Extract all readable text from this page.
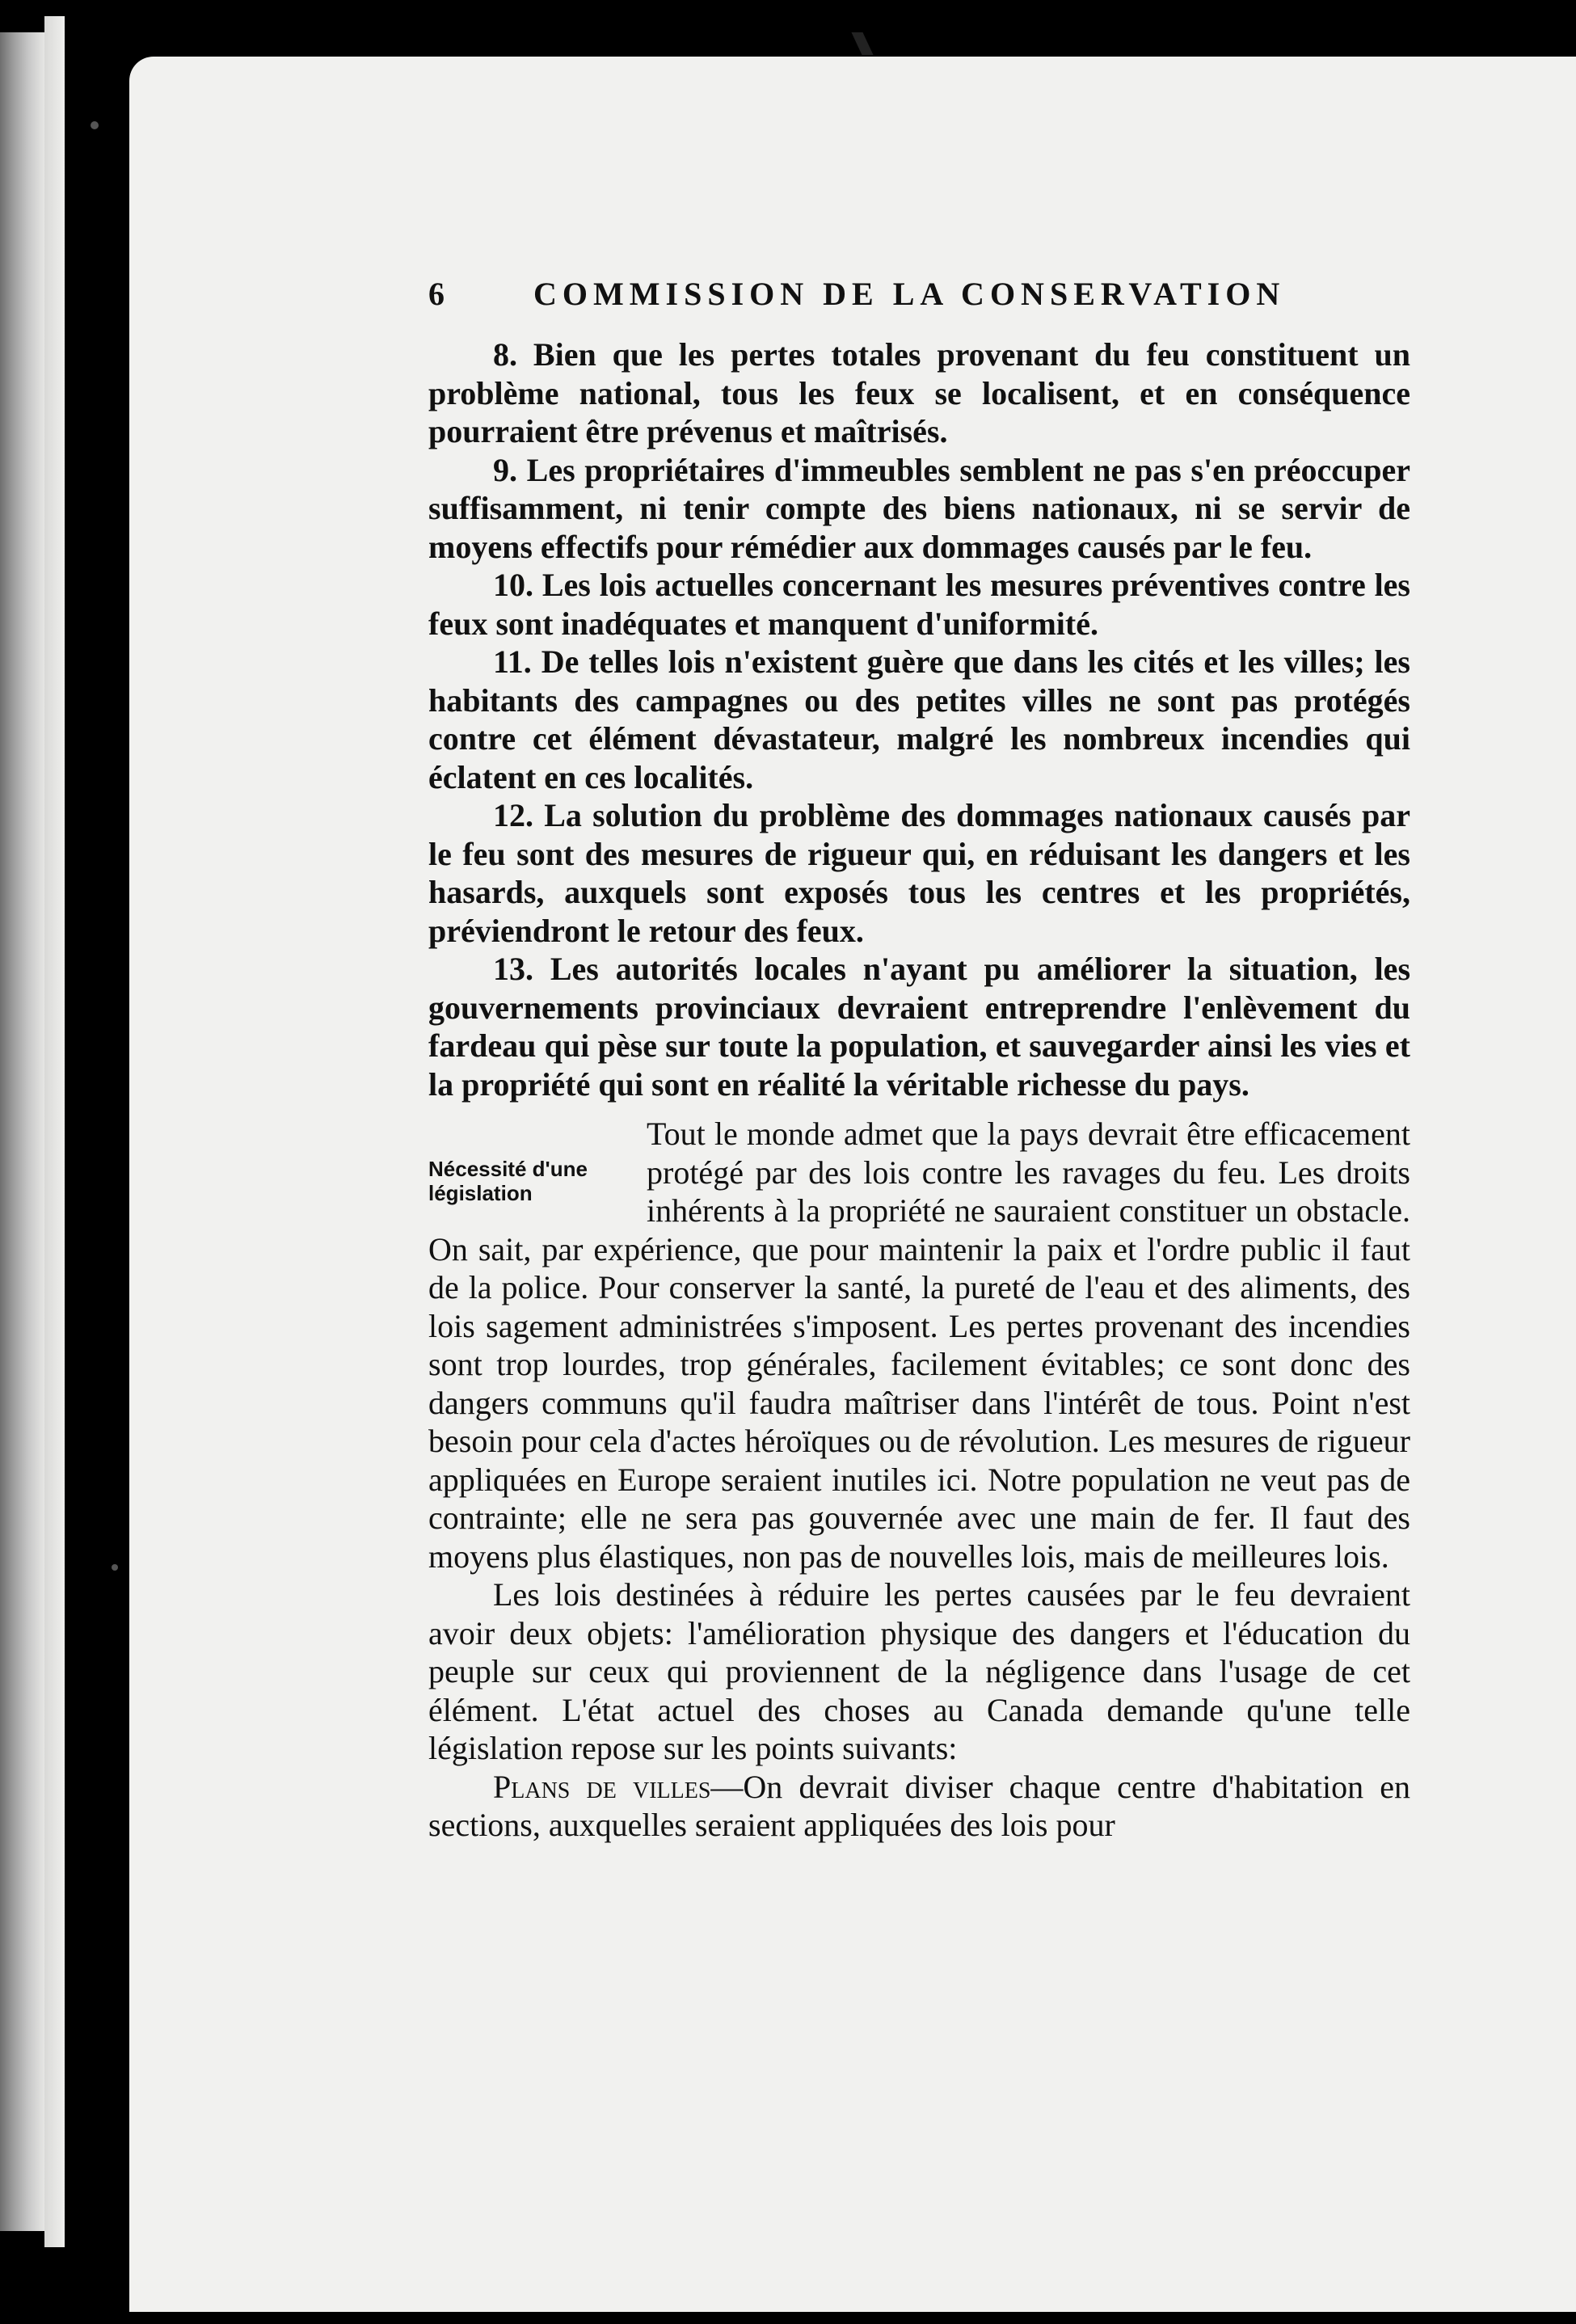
6	COMMISSION DE LA CONSERVATION

8. Bien que les pertes totales provenant du feu constituent un problème national, tous les feux se localisent, et en conséquence pourraient être prévenus et maîtrisés.

9. Les propriétaires d'immeubles semblent ne pas s'en préoccuper suffisamment, ni tenir compte des biens nationaux, ni se servir de moyens effectifs pour rémédier aux dommages causés par le feu.

10. Les lois actuelles concernant les mesures préventives contre les feux sont inadéquates et manquent d'uniformité.

11. De telles lois n'existent guère que dans les cités et les villes; les habitants des campagnes ou des petites villes ne sont pas protégés contre cet élément dévastateur, malgré les nombreux incendies qui éclatent en ces localités.

12. La solution du problème des dommages nationaux causés par le feu sont des mesures de rigueur qui, en réduisant les dangers et les hasards, auxquels sont exposés tous les centres et les propriétés, préviendront le retour des feux.

13. Les autorités locales n'ayant pu améliorer la situation, les gouvernements provinciaux devraient entreprendre l'enlèvement du fardeau qui pèse sur toute la population, et sauvegarder ainsi les vies et la propriété qui sont en réalité la véritable richesse du pays.

Nécessité d'une législation

Tout le monde admet que la pays devrait être efficacement protégé par des lois contre les ravages du feu. Les droits inhérents à la propriété ne sauraient constituer un obstacle. On sait, par expérience, que pour maintenir la paix et l'ordre public il faut de la police. Pour conserver la santé, la pureté de l'eau et des aliments, des lois sagement administrées s'imposent. Les pertes provenant des incendies sont trop lourdes, trop générales, facilement évitables; ce sont donc des dangers communs qu'il faudra maîtriser dans l'intérêt de tous. Point n'est besoin pour cela d'actes héroïques ou de révolution. Les mesures de rigueur appliquées en Europe seraient inutiles ici. Notre population ne veut pas de contrainte; elle ne sera pas gouvernée avec une main de fer. Il faut des moyens plus élastiques, non pas de nouvelles lois, mais de meilleures lois.

Les lois destinées à réduire les pertes causées par le feu devraient avoir deux objets: l'amélioration physique des dangers et l'éducation du peuple sur ceux qui proviennent de la négligence dans l'usage de cet élément. L'état actuel des choses au Canada demande qu'une telle législation repose sur les points suivants:

Plans de villes—On devrait diviser chaque centre d'habitation en sections, auxquelles seraient appliquées des lois pour
